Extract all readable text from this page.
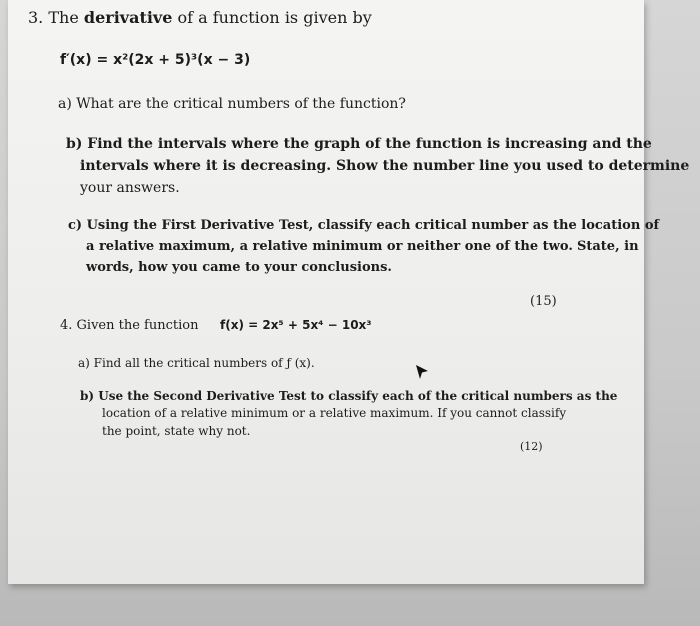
3. The derivative of a function is given by
f′(x) = x²(2x + 5)³(x − 3)
a) What are the critical numbers of the function?
b) Find the intervals where the graph of the function is increasing and the
intervals where it is decreasing. Show the number line you used to determine
your answers.
c) Using the First Derivative Test, classify each critical number as the location of
a relative maximum, a relative minimum or neither one of the two. State, in
words, how you came to your conclusions.
(15)
4. Given the function f(x) = 2x⁵ + 5x⁴ − 10x³
a) Find all the critical numbers of ƒ (x).
b) Use the Second Derivative Test to classify each of the critical numbers as the
location of a relative minimum or a relative maximum. If you cannot classify
the point, state why not.
(12)
